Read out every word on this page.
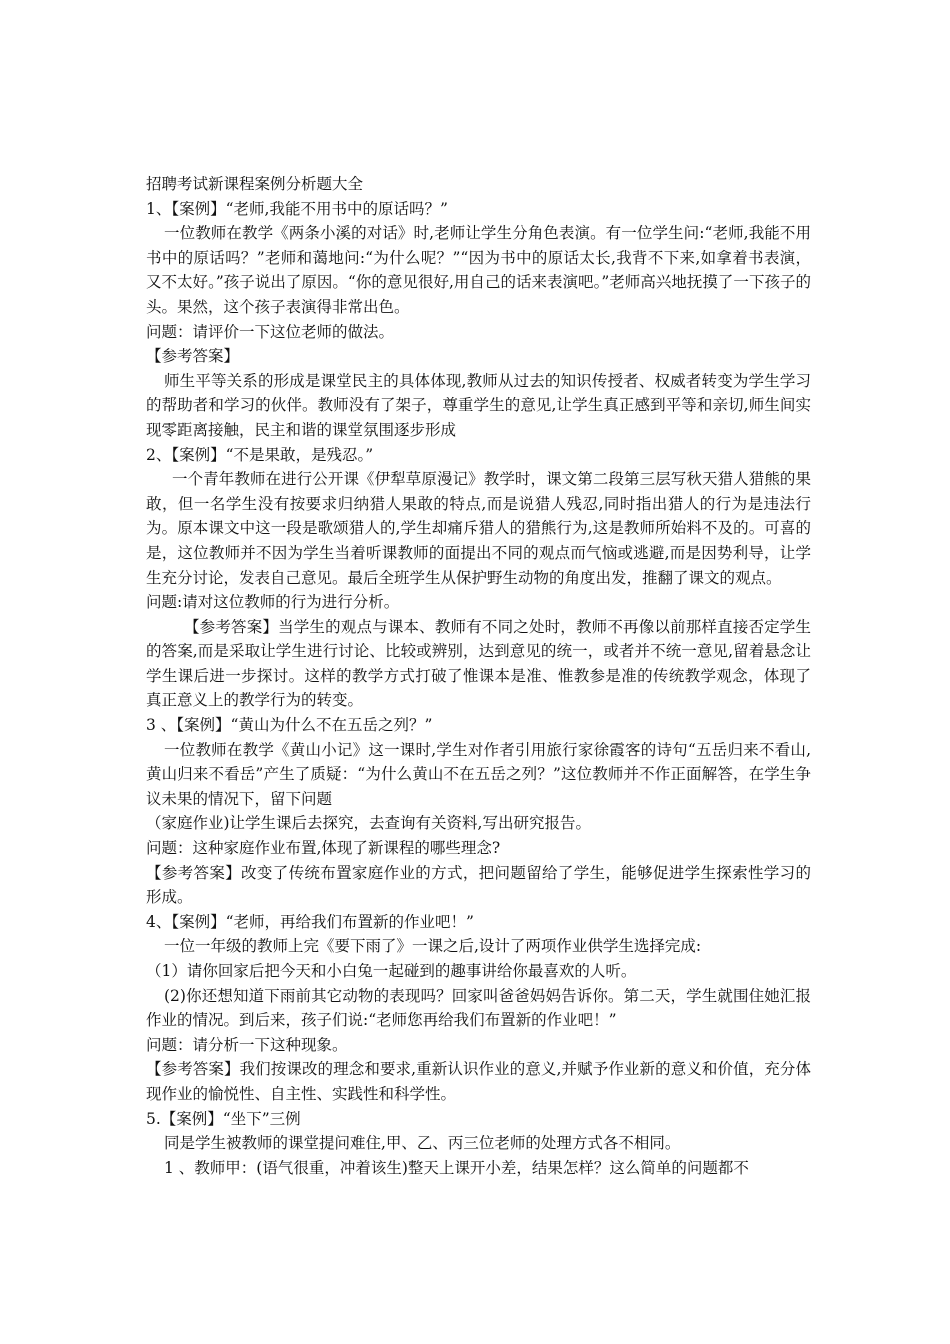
招聘考试新课程案例分析题大全

1、【案例】“老师,我能不用书中的原话吗？”

一位教师在教学《两条小溪的对话》时,老师让学生分角色表演。有一位学生问:“老师,我能不用书中的原话吗？”老师和蔼地问:“为什么呢？”“因为书中的原话太长,我背不下来,如拿着书表演，又不太好。”孩子说出了原因。“你的意见很好,用自己的话来表演吧。”老师高兴地抚摸了一下孩子的头。果然，这个孩子表演得非常出色。

问题：请评价一下这位老师的做法。

【参考答案】

师生平等关系的形成是课堂民主的具体体现,教师从过去的知识传授者、权威者转变为学生学习的帮助者和学习的伙伴。教师没有了架子，尊重学生的意见,让学生真正感到平等和亲切,师生间实现零距离接触，民主和谐的课堂氛围逐步形成

2、【案例】“不是果敢，是残忍。”

一个青年教师在进行公开课《伊犁草原漫记》教学时，课文第二段第三层写秋天猎人猎熊的果敢，但一名学生没有按要求归纳猎人果敢的特点,而是说猎人残忍,同时指出猎人的行为是违法行为。原本课文中这一段是歌颂猎人的,学生却痛斥猎人的猎熊行为,这是教师所始料不及的。可喜的是，这位教师并不因为学生当着听课教师的面提出不同的观点而气恼或逃避,而是因势利导，让学生充分讨论，发表自己意见。最后全班学生从保护野生动物的角度出发，推翻了课文的观点。

问题:请对这位教师的行为进行分析。

【参考答案】当学生的观点与课本、教师有不同之处时，教师不再像以前那样直接否定学生的答案,而是采取让学生进行讨论、比较或辨别，达到意见的统一，或者并不统一意见,留着悬念让学生课后进一步探讨。这样的教学方式打破了惟课本是准、惟教参是准的传统教学观念，体现了真正意义上的教学行为的转变。

3 、【案例】“黄山为什么不在五岳之列？”

一位教师在教学《黄山小记》这一课时,学生对作者引用旅行家徐霞客的诗句“五岳归来不看山,黄山归来不看岳”产生了质疑：“为什么黄山不在五岳之列？”这位教师并不作正面解答，在学生争议未果的情况下，留下问题

（家庭作业)让学生课后去探究，去查询有关资料,写出研究报告。

问题：这种家庭作业布置,体现了新课程的哪些理念?

【参考答案】改变了传统布置家庭作业的方式，把问题留给了学生，能够促进学生探索性学习的形成。

4、【案例】“老师，再给我们布置新的作业吧！”

一位一年级的教师上完《要下雨了》一课之后,设计了两项作业供学生选择完成:

（1）请你回家后把今天和小白兔一起碰到的趣事讲给你最喜欢的人听。

(2)你还想知道下雨前其它动物的表现吗？回家叫爸爸妈妈告诉你。第二天，学生就围住她汇报作业的情况。到后来，孩子们说:“老师您再给我们布置新的作业吧！”

问题：请分析一下这种现象。

【参考答案】我们按课改的理念和要求,重新认识作业的意义,并赋予作业新的意义和价值，充分体现作业的愉悦性、自主性、实践性和科学性。

5.【案例】“坐下”三例

同是学生被教师的课堂提问难住,甲、乙、丙三位老师的处理方式各不相同。

1 、教师甲：(语气很重，冲着该生)整天上课开小差，结果怎样？这么简单的问题都不
